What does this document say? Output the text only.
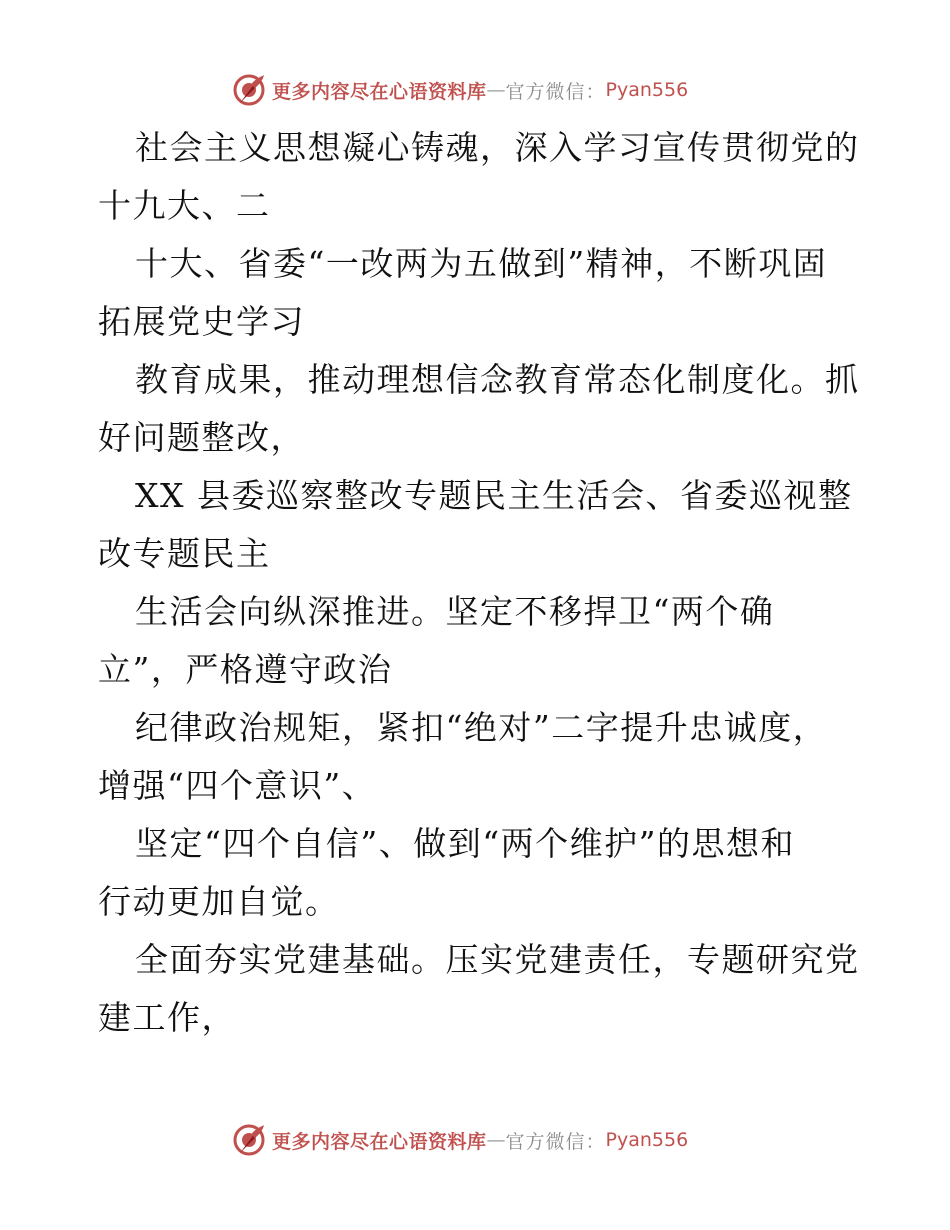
更多内容尽在心语资料库 — 官方微信： Pyan556
社会主义思想凝心铸魂，深入学习宣传贯彻党的
十九大、二
十大、省委“一改两为五做到”精神，不断巩固
拓展党史学习
教育成果，推动理想信念教育常态化制度化。抓
好问题整改，
XX 县委巡察整改专题民主生活会、省委巡视整
改专题民主
生活会向纵深推进。坚定不移捍卫“两个确
立”，严格遵守政治
纪律政治规矩，紧扣“绝对”二字提升忠诚度，
增强“四个意识”、
坚定“四个自信”、做到“两个维护”的思想和
行动更加自觉。
全面夯实党建基础。压实党建责任，专题研究党
建工作，
更多内容尽在心语资料库 — 官方微信： Pyan556
